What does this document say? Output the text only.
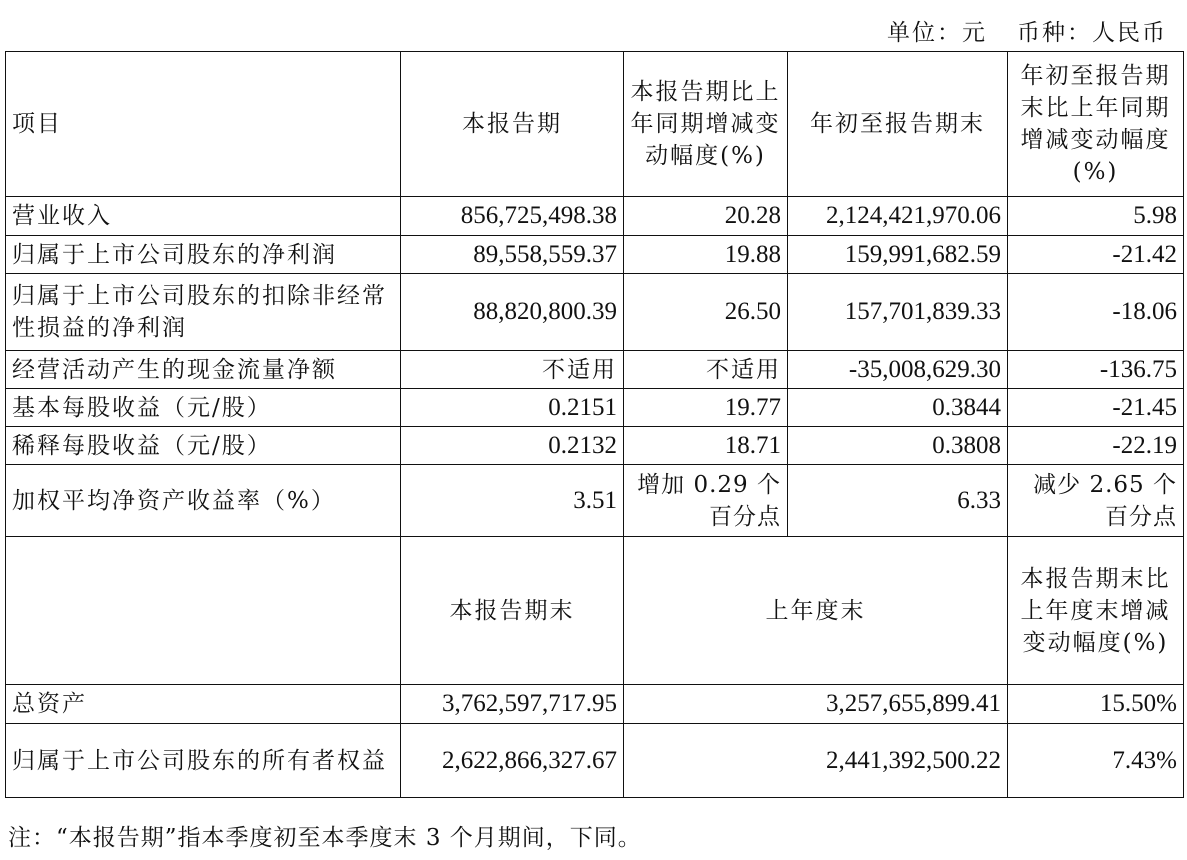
单位：元 币种：人民币
项目	本报告期	本报告期比上年同期增减变动幅度(%)	年初至报告期末	年初至报告期末比上年同期增减变动幅度(%)
营业收入	856,725,498.38	20.28	2,124,421,970.06	5.98
归属于上市公司股东的净利润	89,558,559.37	19.88	159,991,682.59	-21.42
归属于上市公司股东的扣除非经常性损益的净利润	88,820,800.39	26.50	157,701,839.33	-18.06
经营活动产生的现金流量净额	不适用	不适用	-35,008,629.30	-136.75
基本每股收益（元/股）	0.2151	19.77	0.3844	-21.45
稀释每股收益（元/股）	0.2132	18.71	0.3808	-22.19
加权平均净资产收益率（%）	3.51	增加 0.29 个百分点	6.33	减少 2.65 个百分点
	本报告期末	上年度末		本报告期末比上年度末增减变动幅度(%)
总资产	3,762,597,717.95	3,257,655,899.41		15.50%
归属于上市公司股东的所有者权益	2,622,866,327.67	2,441,392,500.22		7.43%
注：“本报告期”指本季度初至本季度末 3 个月期间，下同。
